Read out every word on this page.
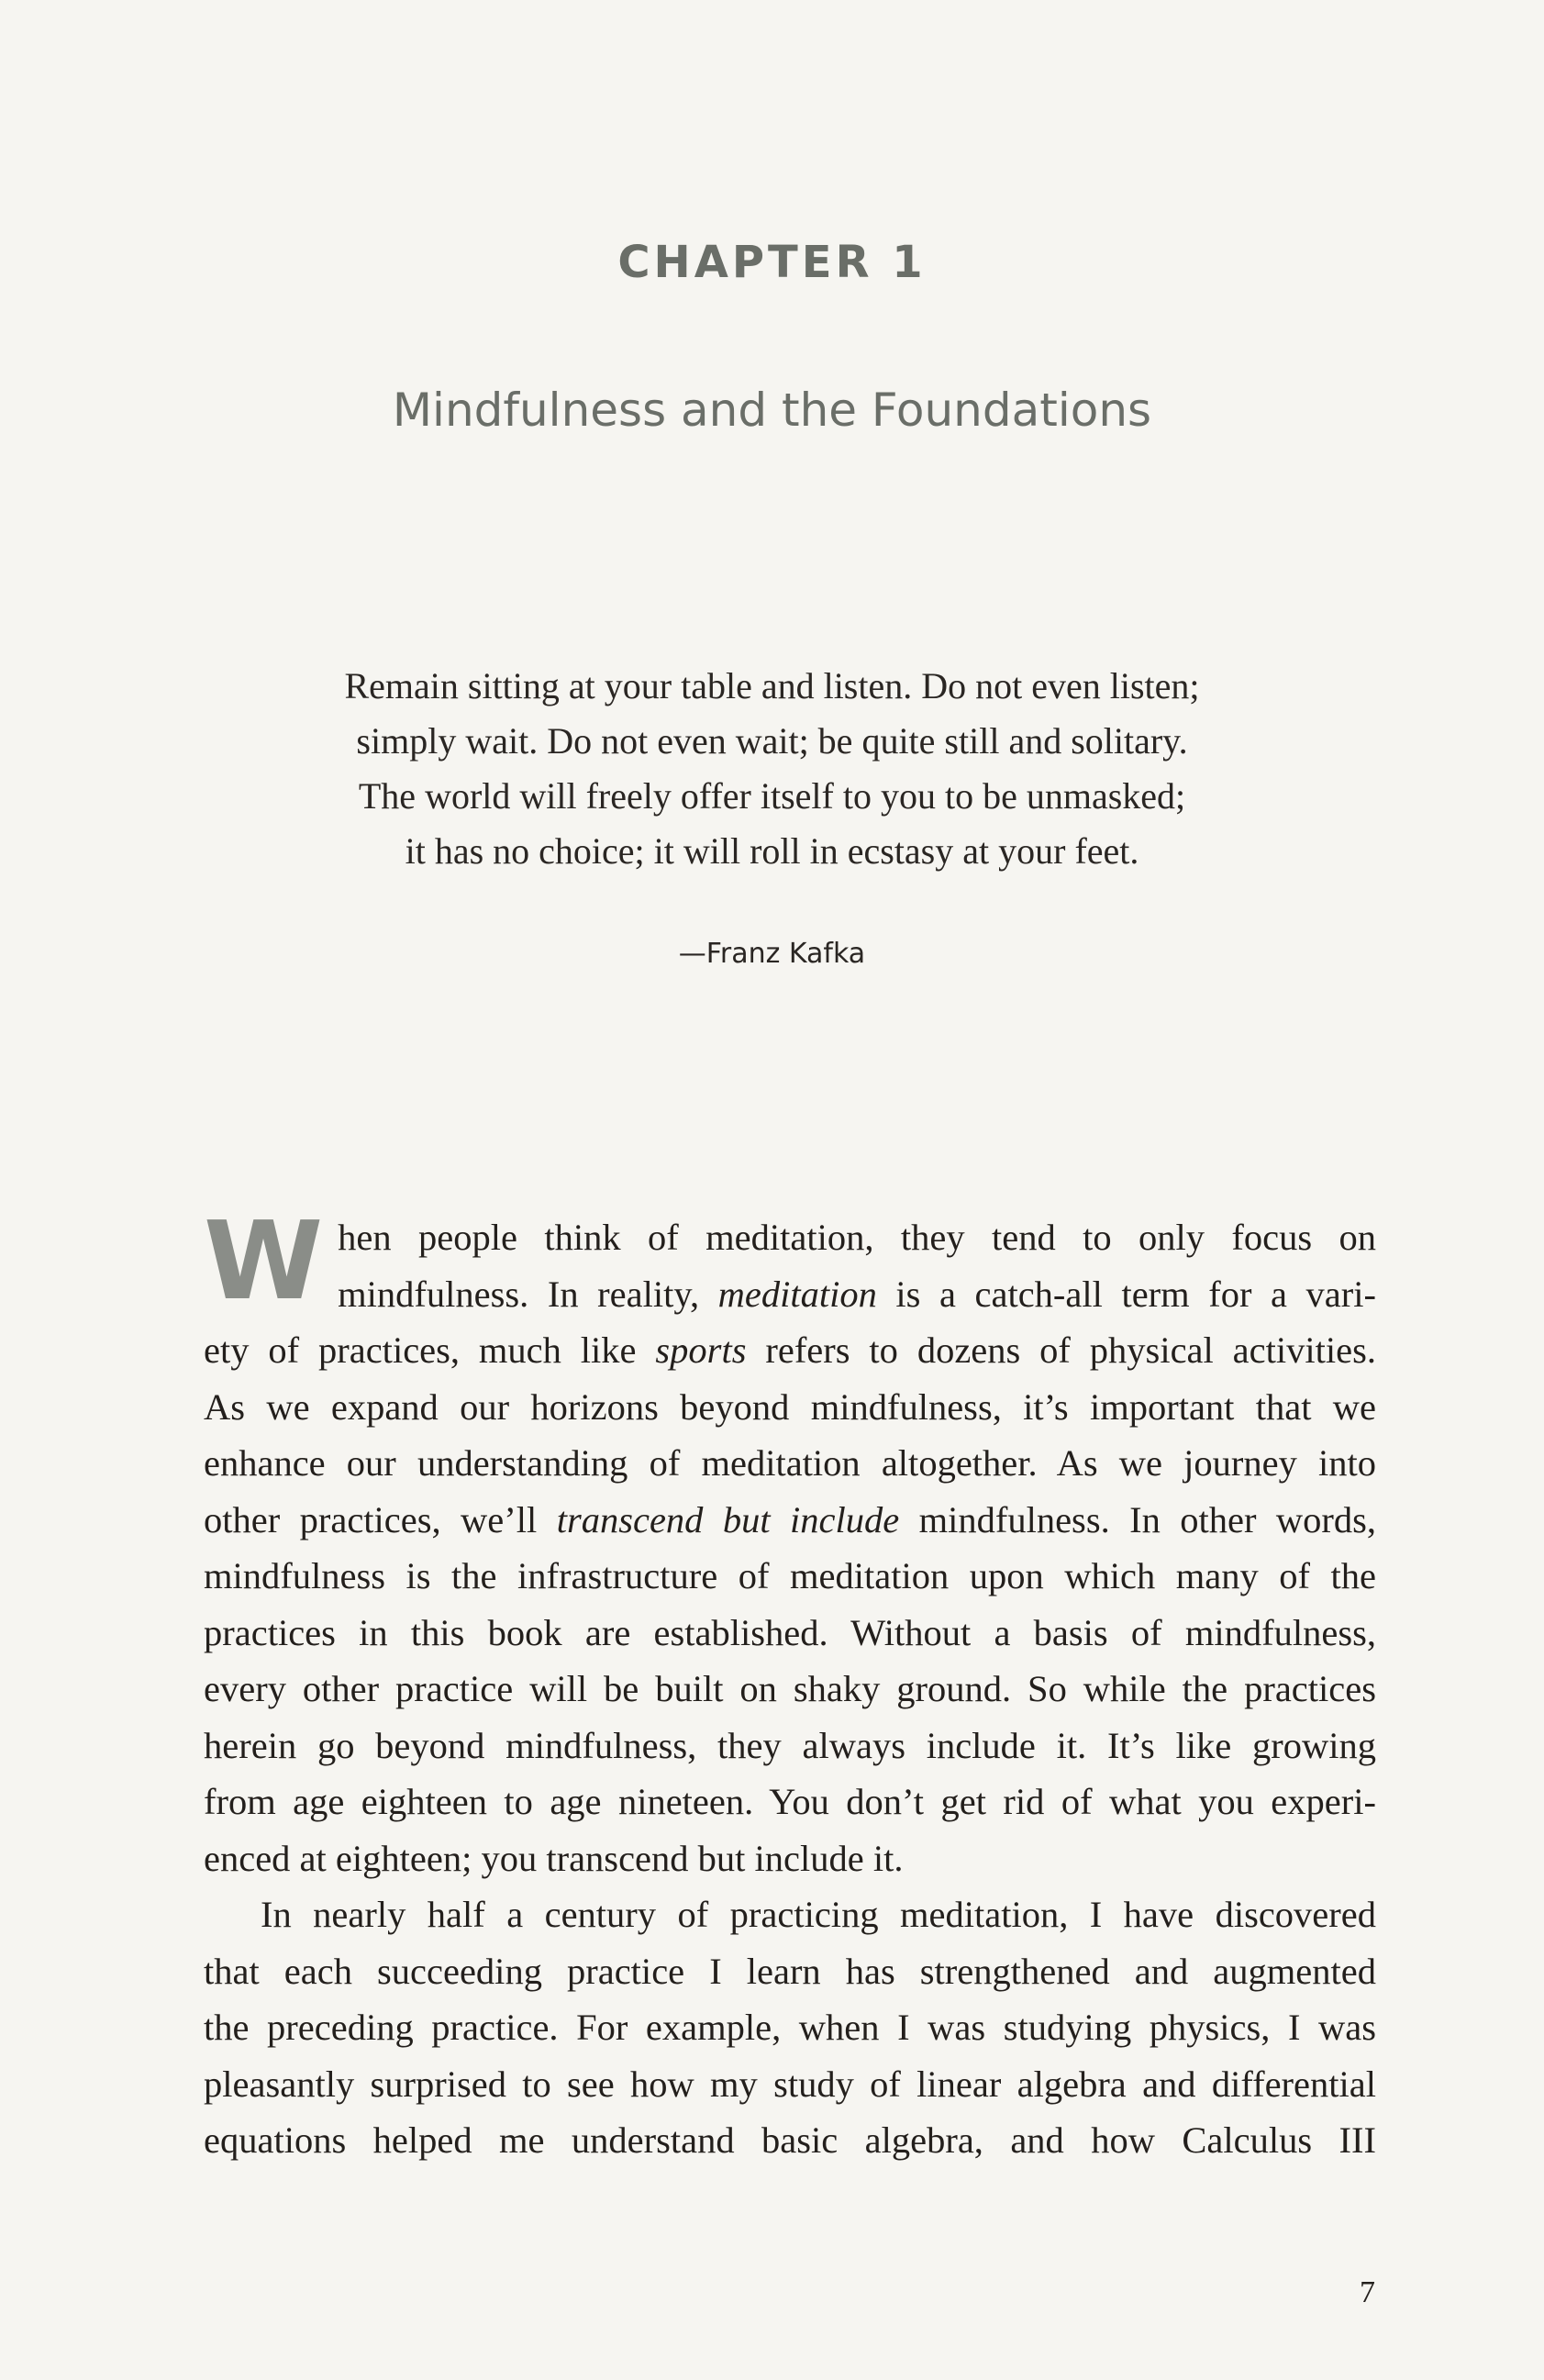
CHAPTER 1
Mindfulness and the Foundations
Remain sitting at your table and listen. Do not even listen;
simply wait. Do not even wait; be quite still and solitary.
The world will freely offer itself to you to be unmasked;
it has no choice; it will roll in ecstasy at your feet.
—Franz Kafka
W hen people think of meditation, they tend to only focus on
mindfulness. In reality, meditation is a catch-all term for a vari-
ety of practices, much like sports refers to dozens of physical activities.
As we expand our horizons beyond mindfulness, it’s important that we
enhance our understanding of meditation altogether. As we journey into
other practices, we’ll transcend but include mindfulness. In other words,
mindfulness is the infrastructure of meditation upon which many of the
practices in this book are established. Without a basis of mindfulness,
every other practice will be built on shaky ground. So while the practices
herein go beyond mindfulness, they always include it. It’s like growing
from age eighteen to age nineteen. You don’t get rid of what you experi-
enced at eighteen; you transcend but include it.
In nearly half a century of practicing meditation, I have discovered
that each succeeding practice I learn has strengthened and augmented
the preceding practice. For example, when I was studying physics, I was
pleasantly surprised to see how my study of linear algebra and differential
equations helped me understand basic algebra, and how Calculus III
7
